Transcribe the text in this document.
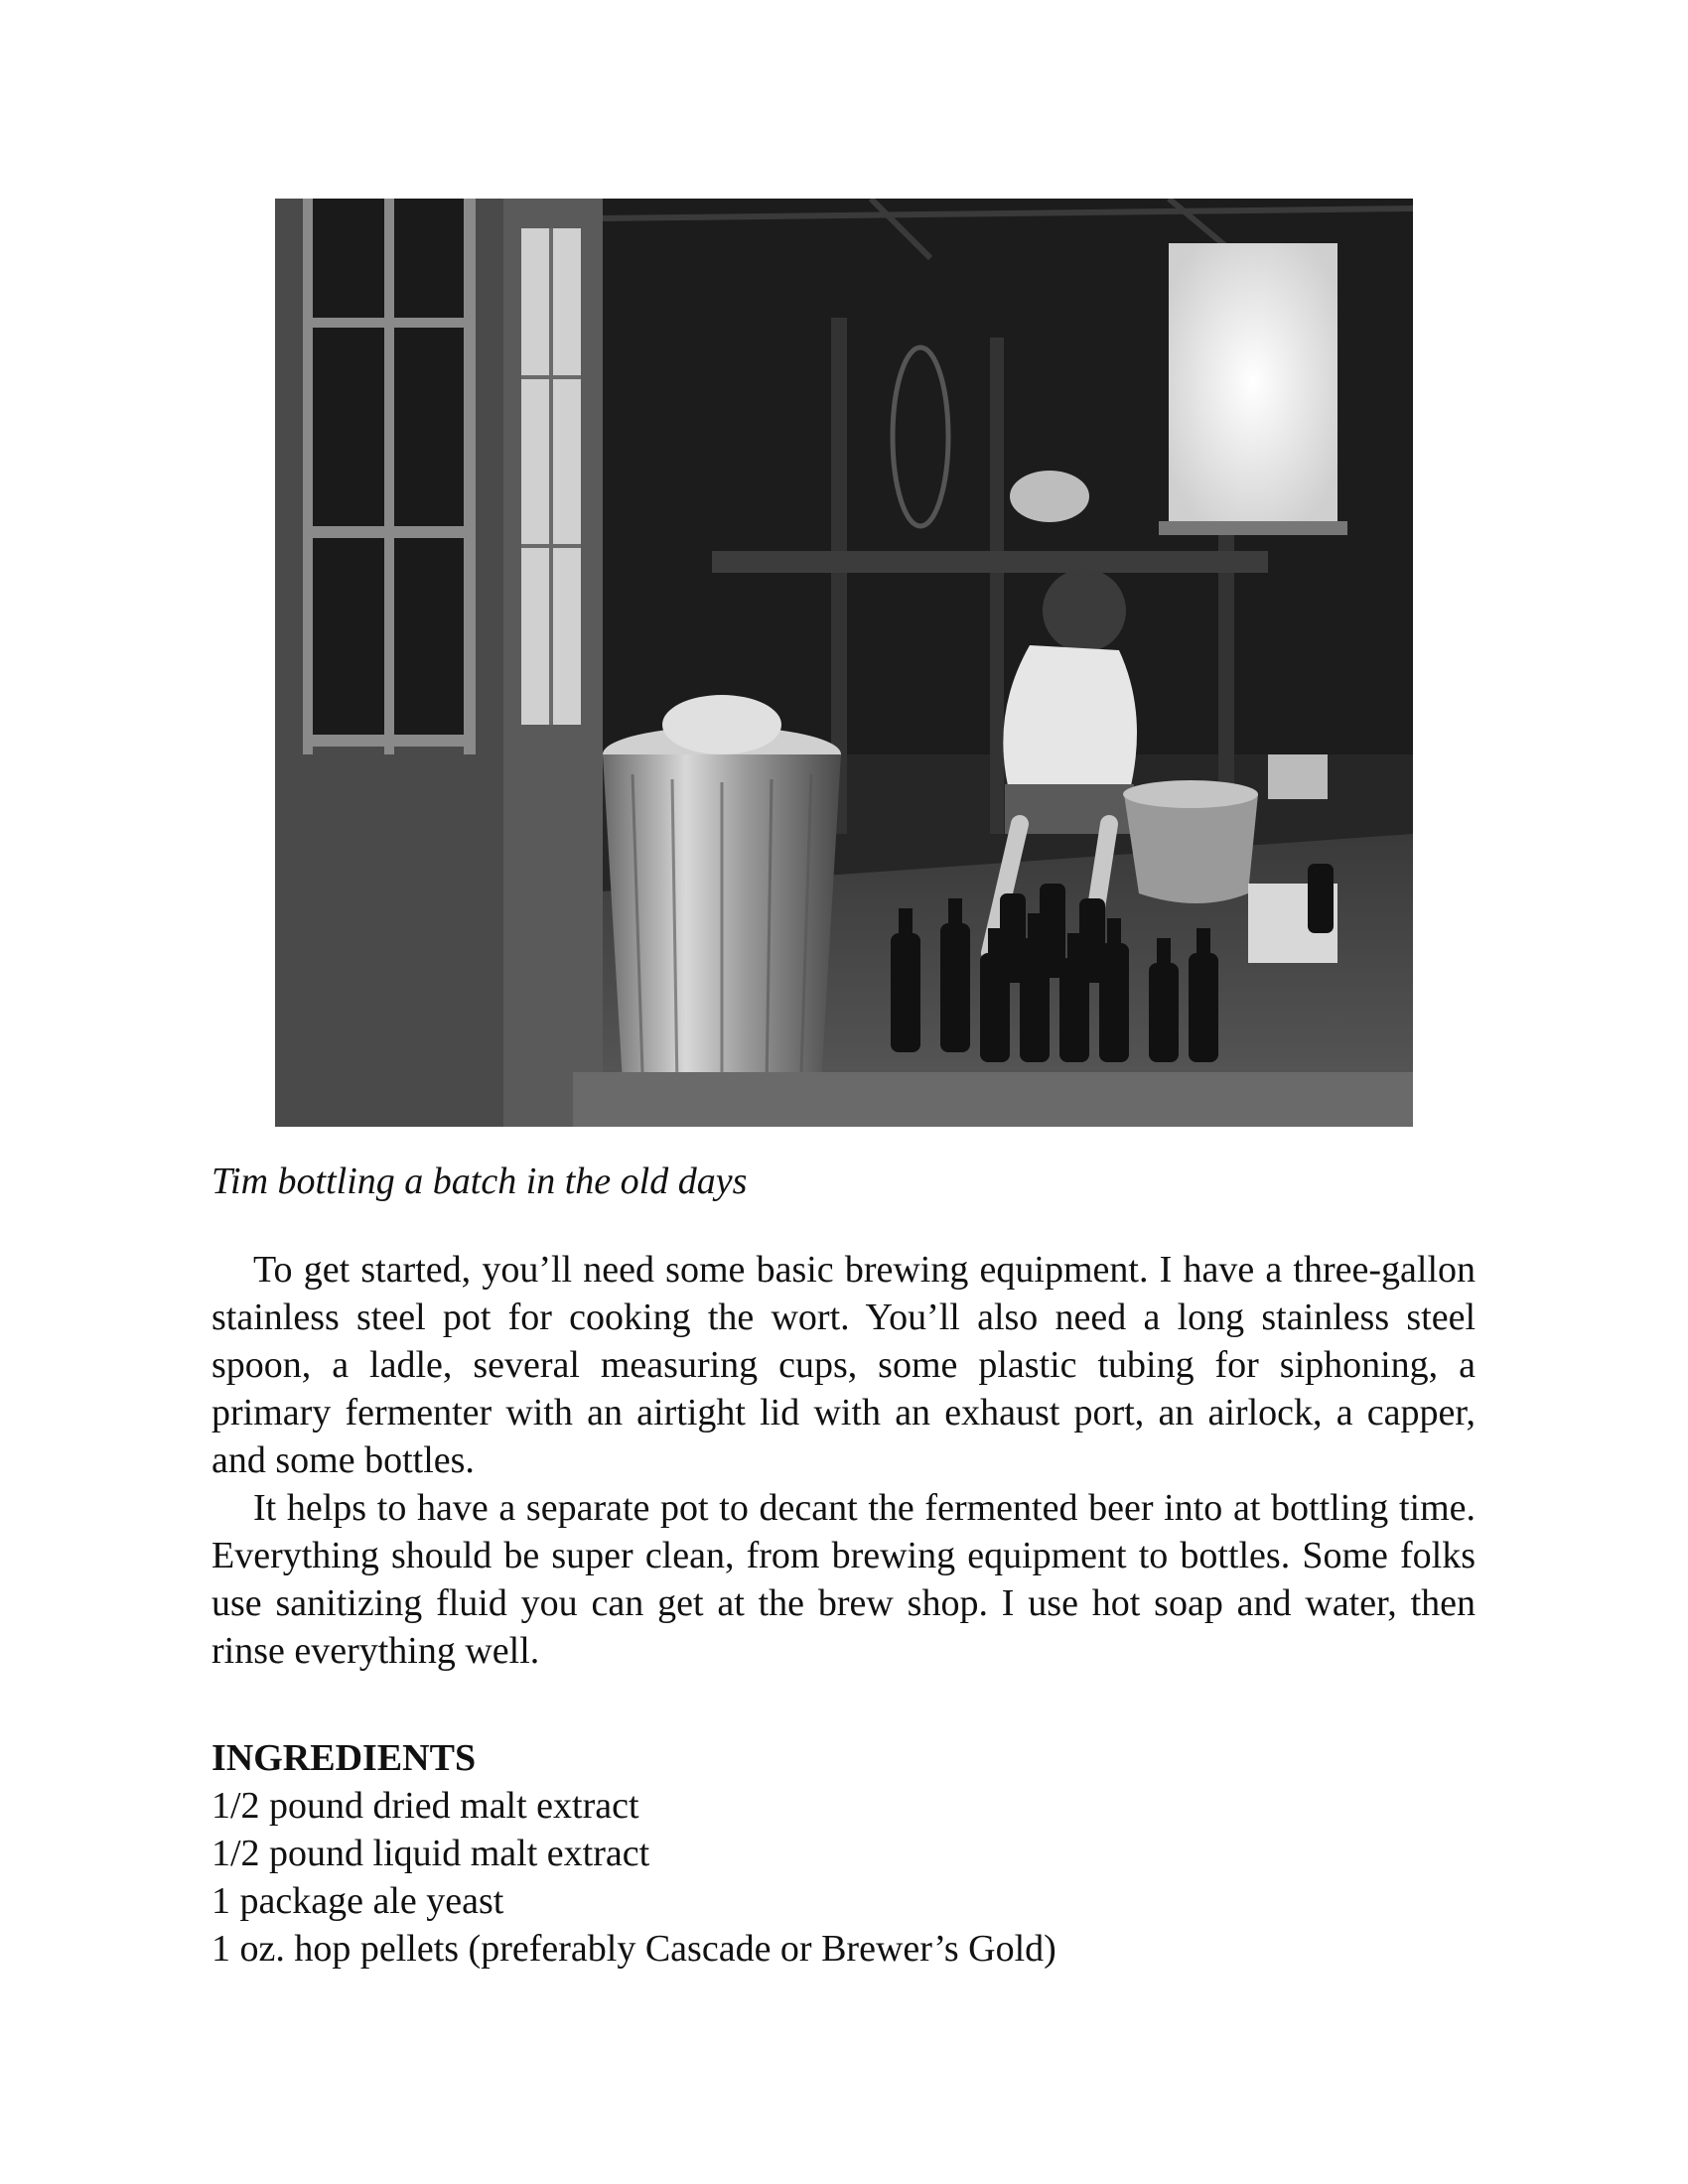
Tim bottling a batch in the old days

To get started, you’ll need some basic brewing equipment. I have a three-gallon stainless steel pot for cooking the wort. You’ll also need a long stainless steel spoon, a ladle, several measuring cups, some plastic tubing for siphoning, a primary fermenter with an airtight lid with an exhaust port, an airlock, a capper, and some bottles.

It helps to have a separate pot to decant the fermented beer into at bottling time. Everything should be super clean, from brewing equipment to bottles. Some folks use sanitizing fluid you can get at the brew shop. I use hot soap and water, then rinse everything well.

INGREDIENTS
1/2 pound dried malt extract
1/2 pound liquid malt extract
1 package ale yeast
1 oz. hop pellets (preferably Cascade or Brewer’s Gold)
